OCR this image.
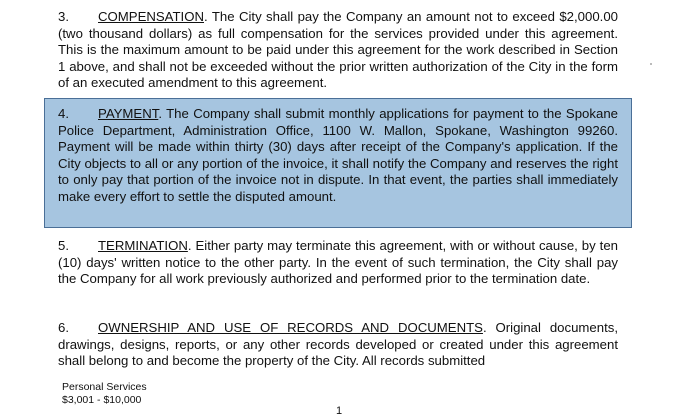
3. COMPENSATION. The City shall pay the Company an amount not to exceed $2,000.00 (two thousand dollars) as full compensation for the services provided under this agreement. This is the maximum amount to be paid under this agreement for the work described in Section 1 above, and shall not be exceeded without the prior written authorization of the City in the form of an executed amendment to this agreement.

4. PAYMENT. The Company shall submit monthly applications for payment to the Spokane Police Department, Administration Office, 1100 W. Mallon, Spokane, Washington 99260. Payment will be made within thirty (30) days after receipt of the Company's application. If the City objects to all or any portion of the invoice, it shall notify the Company and reserves the right to only pay that portion of the invoice not in dispute. In that event, the parties shall immediately make every effort to settle the disputed amount.

5. TERMINATION. Either party may terminate this agreement, with or without cause, by ten (10) days' written notice to the other party. In the event of such termination, the City shall pay the Company for all work previously authorized and performed prior to the termination date.

6. OWNERSHIP AND USE OF RECORDS AND DOCUMENTS. Original documents, drawings, designs, reports, or any other records developed or created under this agreement shall belong to and become the property of the City. All records submitted

Personal Services
$3,001 - $10,000
1
